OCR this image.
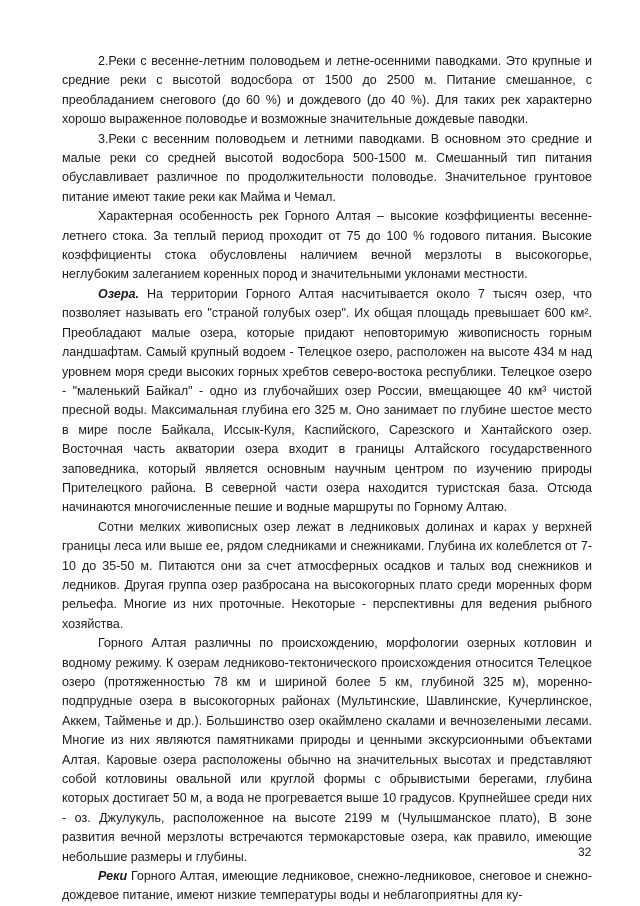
2.Реки с весенне-летним половодьем и летне-осенними паводками. Это крупные и средние реки с высотой водосбора от 1500 до 2500 м. Питание смешанное, с преобладанием снегового (до 60 %) и дождевого (до 40 %). Для таких рек характерно хорошо выраженное половодье и возможные значительные дождевые паводки.

3.Реки с весенним половодьем и летними паводками. В основном это средние и малые реки со средней высотой водосбора 500-1500 м. Смешанный тип питания обуславливает различное по продолжительности половодье. Значительное грунтовое питание имеют такие реки как Майма и Чемал.

Характерная особенность рек Горного Алтая – высокие коэффициенты весенне-летнего стока. За теплый период проходит от 75 до 100 % годового питания. Высокие коэффициенты стока обусловлены наличием вечной мерзлоты в высокогорье, неглубоким залеганием коренных пород и значительными уклонами местности.

Озера. На территории Горного Алтая насчитывается около 7 тысяч озер, что позволяет называть его "страной голубых озер". Их общая площадь превышает 600 км². Преобладают малые озера, которые придают неповторимую живописность горным ландшафтам. Самый крупный водоем - Телецкое озеро, расположен на высоте 434 м над уровнем моря среди высоких горных хребтов северо-востока республики. Телецкое озеро - "маленький Байкал" - одно из глубочайших озер России, вмещающее 40 км³ чистой пресной воды. Максимальная глубина его 325 м. Оно занимает по глубине шестое место в мире после Байкала, Иссык-Куля, Каспийского, Сарезского и Хантайского озер. Восточная часть акватории озера входит в границы Алтайского государственного заповедника, который является основным научным центром по изучению природы Прителецкого района. В северной части озера находится туристская база. Отсюда начинаются многочисленные пешие и водные маршруты по Горному Алтаю.

Сотни мелких живописных озер лежат в ледниковых долинах и карах у верхней границы леса или выше ее, рядом следниками и снежниками. Глубина их колеблется от 7-10 до 35-50 м. Питаются они за счет атмосферных осадков и талых вод снежников и ледников. Другая группа озер разбросана на высокогорных плато среди моренных форм рельефа. Многие из них проточные. Некоторые - перспективны для ведения рыбного хозяйства.

Горного Алтая различны по происхождению, морфологии озерных котловин и водному режиму. К озерам ледниково-тектонического происхождения относится Телецкое озеро (протяженностью 78 км и шириной более 5 км, глубиной 325 м), моренно-подпрудные озера в высокогорных районах (Мультинские, Шавлинские, Кучерлинское, Аккем, Тайменье и др.). Большинство озер окаймлено скалами и вечнозелеными лесами. Многие из них являются памятниками природы и ценными экскурсионными объектами Алтая. Каровые озера расположены обычно на значительных высотах и представляют собой котловины овальной или круглой формы с обрывистыми берегами, глубина которых достигает 50 м, а вода не прогревается выше 10 градусов. Крупнейшее среди них - оз. Джулукуль, расположенное на высоте 2199 м (Чулышманское плато), В зоне развития вечной мерзлоты встречаются термокарстовые озера, как правило, имеющие небольшие размеры и глубины.

Реки Горного Алтая, имеющие ледниковое, снежно-ледниковое, снеговое и снежно-дождевое питание, имеют низкие температуры воды и неблагоприятны для ку-

32
